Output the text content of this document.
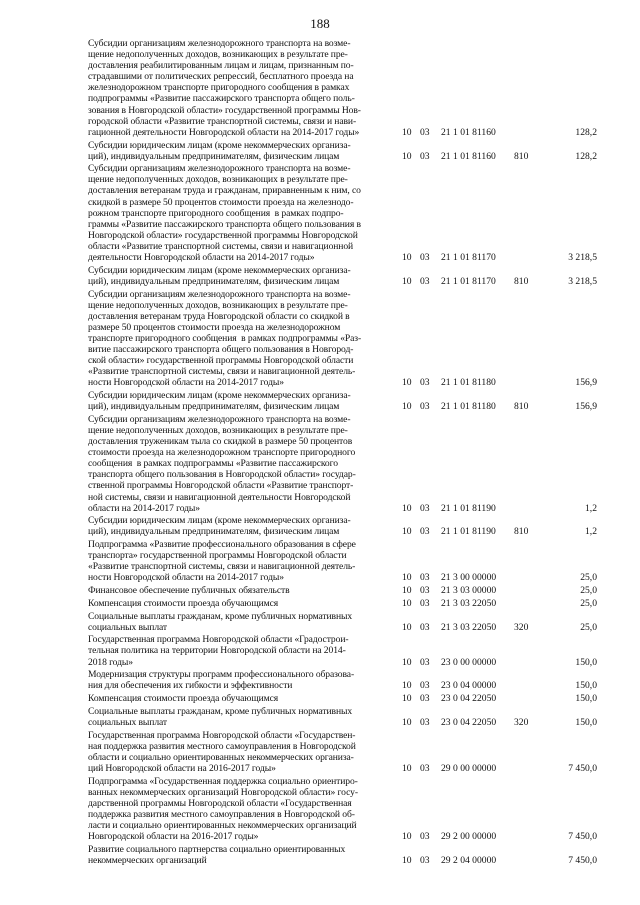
188
Субсидии организациям железнодорожного транспорта на возме-
щение недополученных доходов, возникающих в результате пре-
доставления реабилитированным лицам и лицам, признанным по-
страдавшими от политических репрессий, бесплатного проезда на
железнодорожном транспорте пригородного сообщения в рамках
подпрограммы «Развитие пассажирского транспорта общего поль-
зования в Новгородской области» государственной программы Нов-
городской области «Развитие транспортной системы, связи и нави-
гационной деятельности Новгородской области на 2014-2017 годы»	10 03 21 1 01 81160	128,2
Субсидии юридическим лицам (кроме некоммерческих организа-
ций), индивидуальным предпринимателям, физическим лицам	10 03 21 1 01 81160 810	128,2
Субсидии организациям железнодорожного транспорта на возме-
щение недополученных доходов, возникающих в результате пре-
доставления ветеранам труда и гражданам, приравненным к ним, со
скидкой в размере 50 процентов стоимости проезда на железнодо-
рожном транспорте пригородного сообщения  в рамках подпро-
граммы «Развитие пассажирского транспорта общего пользования в
Новгородской области» государственной программы Новгородской
области «Развитие транспортной системы, связи и навигационной
деятельности Новгородской области на 2014-2017 годы»	10 03 21 1 01 81170	3 218,5
Субсидии юридическим лицам (кроме некоммерческих организа-
ций), индивидуальным предпринимателям, физическим лицам	10 03 21 1 01 81170 810	3 218,5
Субсидии организациям железнодорожного транспорта на возме-
щение недополученных доходов, возникающих в результате пре-
доставления ветеранам труда Новгородской области со скидкой в
размере 50 процентов стоимости проезда на железнодорожном
транспорте пригородного сообщения  в рамках подпрограммы «Раз-
витие пассажирского транспорта общего пользования в Новгород-
ской области» государственной программы Новгородской области
«Развитие транспортной системы, связи и навигационной деятель-
ности Новгородской области на 2014-2017 годы»	10 03 21 1 01 81180	156,9
Субсидии юридическим лицам (кроме некоммерческих организа-
ций), индивидуальным предпринимателям, физическим лицам	10 03 21 1 01 81180 810	156,9
Субсидии организациям железнодорожного транспорта на возме-
щение недополученных доходов, возникающих в результате пре-
доставления труженикам тыла со скидкой в размере 50 процентов
стоимости проезда на железнодорожном транспорте пригородного
сообщения  в рамках подпрограммы «Развитие пассажирского
транспорта общего пользования в Новгородской области» государ-
ственной программы Новгородской области «Развитие транспорт-
ной системы, связи и навигационной деятельности Новгородской
области на 2014-2017 годы»	10 03 21 1 01 81190	1,2
Субсидии юридическим лицам (кроме некоммерческих организа-
ций), индивидуальным предпринимателям, физическим лицам	10 03 21 1 01 81190 810	1,2
Подпрограмма «Развитие профессионального образования в сфере
транспорта» государственной программы Новгородской области
«Развитие транспортной системы, связи и навигационной деятель-
ности Новгородской области на 2014-2017 годы»	10 03 21 3 00 00000	25,0
Финансовое обеспечение публичных обязательств	10 03 21 3 03 00000	25,0
Компенсация стоимости проезда обучающимся	10 03 21 3 03 22050	25,0
Социальные выплаты гражданам, кроме публичных нормативных
социальных выплат	10 03 21 3 03 22050 320	25,0
Государственная программа Новгородской области «Градострои-
тельная политика на территории Новгородской области на 2014-
2018 годы»	10 03 23 0 00 00000	150,0
Модернизация структуры программ профессионального образова-
ния для обеспечения их гибкости и эффективности	10 03 23 0 04 00000	150,0
Компенсация стоимости проезда обучающимся	10 03 23 0 04 22050	150,0
Социальные выплаты гражданам, кроме публичных нормативных
социальных выплат	10 03 23 0 04 22050 320	150,0
Государственная программа Новгородской области «Государствен-
ная поддержка развития местного самоуправления в Новгородской
области и социально ориентированных некоммерческих организа-
ций Новгородской области на 2016-2017 годы»	10 03 29 0 00 00000	7 450,0
Подпрограмма «Государственная поддержка социально ориентиро-
ванных некоммерческих организаций Новгородской области» госу-
дарственной программы Новгородской области «Государственная
поддержка развития местного самоуправления в Новгородской об-
ласти и социально ориентированных некоммерческих организаций
Новгородской области на 2016-2017 годы»	10 03 29 2 00 00000	7 450,0
Развитие социального партнерства социально ориентированных
некоммерческих организаций	10 03 29 2 04 00000	7 450,0
